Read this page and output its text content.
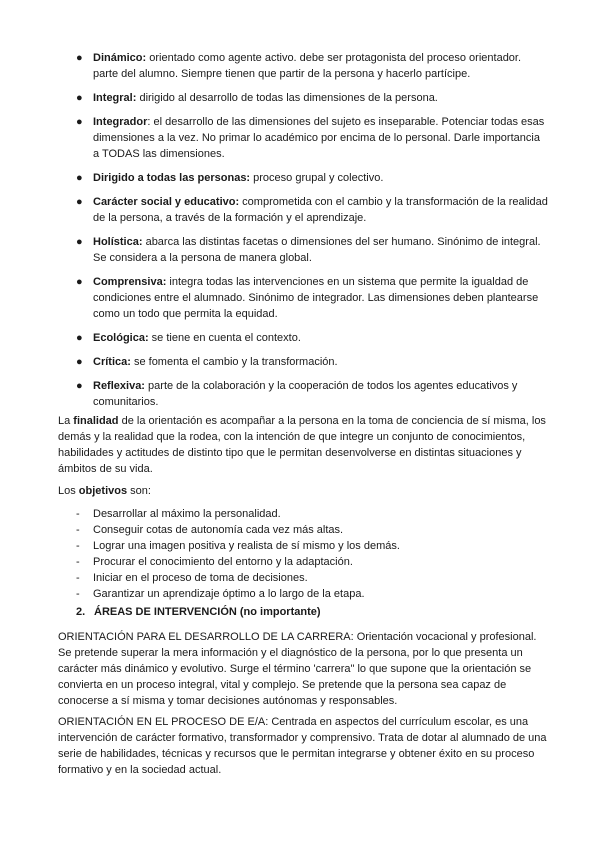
● Dinámico: orientado como agente activo. debe ser protagonista del proceso orientador. parte del alumno. Siempre tienen que partir de la persona y hacerlo partícipe.
● Integral: dirigido al desarrollo de todas las dimensiones de la persona.
● Integrador: el desarrollo de las dimensiones del sujeto es inseparable. Potenciar todas esas dimensiones a la vez. No primar lo académico por encima de lo personal. Darle importancia a TODAS las dimensiones.
● Dirigido a todas las personas: proceso grupal y colectivo.
● Carácter social y educativo: comprometida con el cambio y la transformación de la realidad de la persona, a través de la formación y el aprendizaje.
● Holística: abarca las distintas facetas o dimensiones del ser humano. Sinónimo de integral. Se considera a la persona de manera global.
● Comprensiva: integra todas las intervenciones en un sistema que permite la igualdad de condiciones entre el alumnado. Sinónimo de integrador. Las dimensiones deben plantearse como un todo que permita la equidad.
● Ecológica: se tiene en cuenta el contexto.
● Crítica: se fomenta el cambio y la transformación.
● Reflexiva: parte de la colaboración y la cooperación de todos los agentes educativos y comunitarios.

La finalidad de la orientación es acompañar a la persona en la toma de conciencia de sí misma, los demás y la realidad que la rodea, con la intención de que integre un conjunto de conocimientos, habilidades y actitudes de distinto tipo que le permitan desenvolverse en distintas situaciones y ámbitos de su vida.

Los objetivos son:

- Desarrollar al máximo la personalidad.
- Conseguir cotas de autonomía cada vez más altas.
- Lograr una imagen positiva y realista de sí mismo y los demás.
- Procurar el conocimiento del entorno y la adaptación.
- Iniciar en el proceso de toma de decisiones.
- Garantizar un aprendizaje óptimo a lo largo de la etapa.
2. ÁREAS DE INTERVENCIÓN (no importante)

ORIENTACIÓN PARA EL DESARROLLO DE LA CARRERA: Orientación vocacional y profesional. Se pretende superar la mera información y el diagnóstico de la persona, por lo que presenta un carácter más dinámico y evolutivo. Surge el término 'carrera" lo que supone que la orientación se convierta en un proceso integral, vital y complejo. Se pretende que la persona sea capaz de conocerse a sí misma y tomar decisiones autónomas y responsables.

ORIENTACIÓN EN EL PROCESO DE E/A: Centrada en aspectos del currículum escolar, es una intervención de carácter formativo, transformador y comprensivo. Trata de dotar al alumnado de una serie de habilidades, técnicas y recursos que le permitan integrarse y obtener éxito en su proceso formativo y en la sociedad actual.
